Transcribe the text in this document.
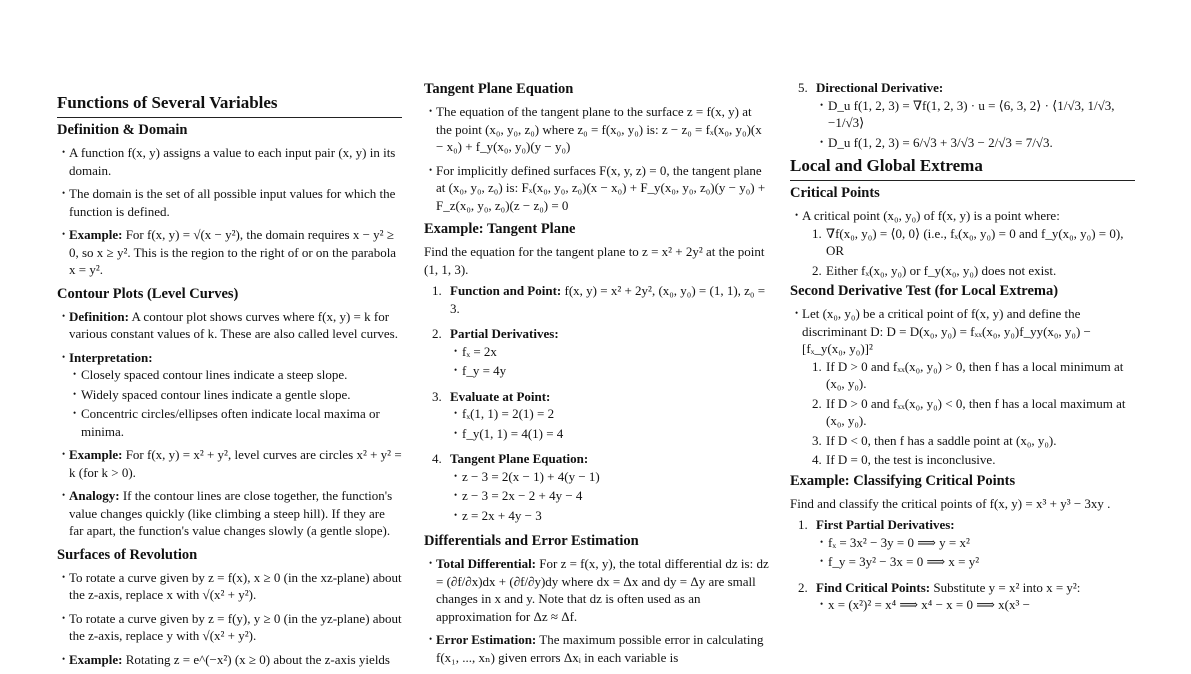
Functions of Several Variables
Definition & Domain
• A function f(x, y) assigns a value to each input pair (x, y) in its domain.
• The domain is the set of all possible input values for which the function is defined.
• Example: For f(x, y) = √(x − y²), the domain requires x − y² ≥ 0, so x ≥ y². This is the region to the right of or on the parabola x = y².
Contour Plots (Level Curves)
• Definition: A contour plot shows curves where f(x, y) = k for various constant values of k. These are also called level curves.
• Interpretation:
• Closely spaced contour lines indicate a steep slope.
• Widely spaced contour lines indicate a gentle slope.
• Concentric circles/ellipses often indicate local maxima or minima.
• Example: For f(x, y) = x² + y², level curves are circles x² + y² = k (for k > 0).
• Analogy: If the contour lines are close together, the function's value changes quickly (like climbing a steep hill). If they are far apart, the function's value changes slowly (a gentle slope).
Surfaces of Revolution
• To rotate a curve given by z = f(x), x ≥ 0 (in the xz-plane) about the z-axis, replace x with √(x² + y²).
• To rotate a curve given by z = f(y), y ≥ 0 (in the yz-plane) about the z-axis, replace y with √(x² + y²).
• Example: Rotating z = e^(−x²) (x ≥ 0) about the z-axis yields
Tangent Plane Equation
• The equation of the tangent plane to the surface z = f(x, y) at the point (x₀, y₀, z₀) where z₀ = f(x₀, y₀) is: z − z₀ = fₓ(x₀, y₀)(x − x₀) + f_y(x₀, y₀)(y − y₀)
• For implicitly defined surfaces F(x, y, z) = 0, the tangent plane at (x₀, y₀, z₀) is: Fₓ(x₀, y₀, z₀)(x − x₀) + F_y(x₀, y₀, z₀)(y − y₀) + F_z(x₀, y₀, z₀)(z − z₀) = 0
Example: Tangent Plane

Find the equation for the tangent plane to z = x² + 2y² at the point (1, 1, 3).

1. Function and Point: f(x, y) = x² + 2y², (x₀, y₀) = (1, 1), z₀ = 3.
2. Partial Derivatives:
• fₓ = 2x
• f_y = 4y
3. Evaluate at Point:
• fₓ(1, 1) = 2(1) = 2
• f_y(1, 1) = 4(1) = 4
4. Tangent Plane Equation:
• z − 3 = 2(x − 1) + 4(y − 1)
• z − 3 = 2x − 2 + 4y − 4
• z = 2x + 4y − 3
Differentials and Error Estimation
• Total Differential: For z = f(x, y), the total differential dz is: dz = (∂f/∂x)dx + (∂f/∂y)dy where dx = Δx and dy = Δy are small changes in x and y. Note that dz is often used as an approximation for Δz ≈ Δf.
• Error Estimation: The maximum possible error in calculating f(x₁, ..., xₙ) given errors Δxᵢ in each variable is
5. Directional Derivative:
• D_u f(1, 2, 3) = ∇f(1, 2, 3) · u = ⟨6, 3, 2⟩ · ⟨1/√3, 1/√3, −1/√3⟩
• D_u f(1, 2, 3) = 6/√3 + 3/√3 − 2/√3 = 7/√3.
Local and Global Extrema
Critical Points
• A critical point (x₀, y₀) of f(x, y) is a point where:
1. ∇f(x₀, y₀) = ⟨0, 0⟩ (i.e., fₓ(x₀, y₀) = 0 and f_y(x₀, y₀) = 0), OR
2. Either fₓ(x₀, y₀) or f_y(x₀, y₀) does not exist.
Second Derivative Test (for Local Extrema)
• Let (x₀, y₀) be a critical point of f(x, y) and define the discriminant D: D = D(x₀, y₀) = fₓₓ(x₀, y₀)f_yy(x₀, y₀) − [fₓ_y(x₀, y₀)]²
1. If D > 0 and fₓₓ(x₀, y₀) > 0, then f has a local minimum at (x₀, y₀).
2. If D > 0 and fₓₓ(x₀, y₀) < 0, then f has a local maximum at (x₀, y₀).
3. If D < 0, then f has a saddle point at (x₀, y₀).
4. If D = 0, the test is inconclusive.
Example: Classifying Critical Points

Find and classify the critical points of f(x, y) = x³ + y³ − 3xy .

1. First Partial Derivatives:
• fₓ = 3x² − 3y = 0 ⟹ y = x²
• f_y = 3y² − 3x = 0 ⟹ x = y²
2. Find Critical Points: Substitute y = x² into x = y²:
• x = (x²)² = x⁴ ⟹ x⁴ − x = 0 ⟹ x(x³ −
